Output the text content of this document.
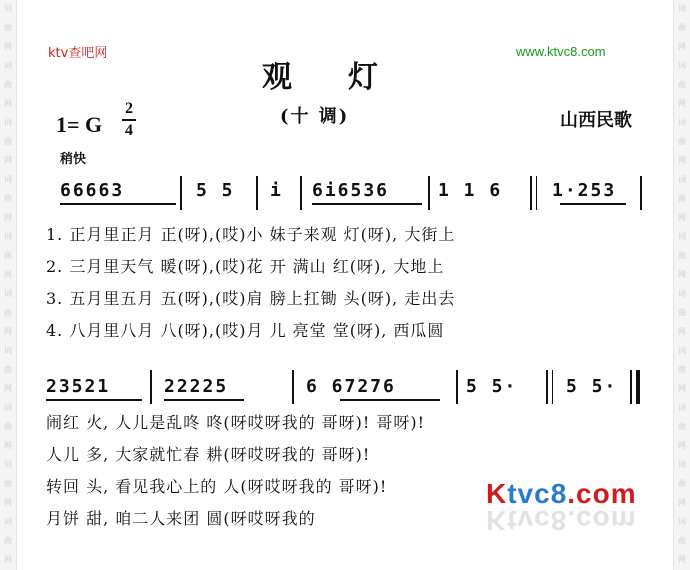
词
曲
网
词
曲
网
词
曲
网
词
曲
网
词
曲
网
词
曲
网
词
曲
网
词
曲
网
词
曲
网
词
曲
网
词
曲
网
词
曲
网
词
曲
网
词
曲
网
词
曲
网
词
曲
网
词
曲
网
词
曲
网
词
曲
网
词
曲
网
ktv查吧网	www.ktvc8.com
观灯
1= G
2
4
(十 调)	山西民歌
稍快
66663	5 5 i 6i6536	1 1 6	1·253
1. 正月里正月 正(呀),(哎)小 妹子来观 灯(呀), 大街上
2. 三月里天气 暖(呀),(哎)花 开 满山 红(呀), 大地上
3. 五月里五月 五(呀),(哎)肩 膀上扛锄 头(呀), 走出去
4. 八月里八月 八(呀),(哎)月 儿 亮堂 堂(呀), 西瓜圆
23521	22225	6 67276	5 5·	5 5·
闹红 火, 人儿是乱咚 咚(呀哎呀我的 哥呀)! 哥呀)!
人儿 多, 大家就忙春 耕(呀哎呀我的 哥呀)!
转回 头, 看见我心上的 人(呀哎呀我的 哥呀)!
月饼 甜, 咱二人来团 圆(呀哎呀我的
Ktvc8.com
Ktvc8.com
